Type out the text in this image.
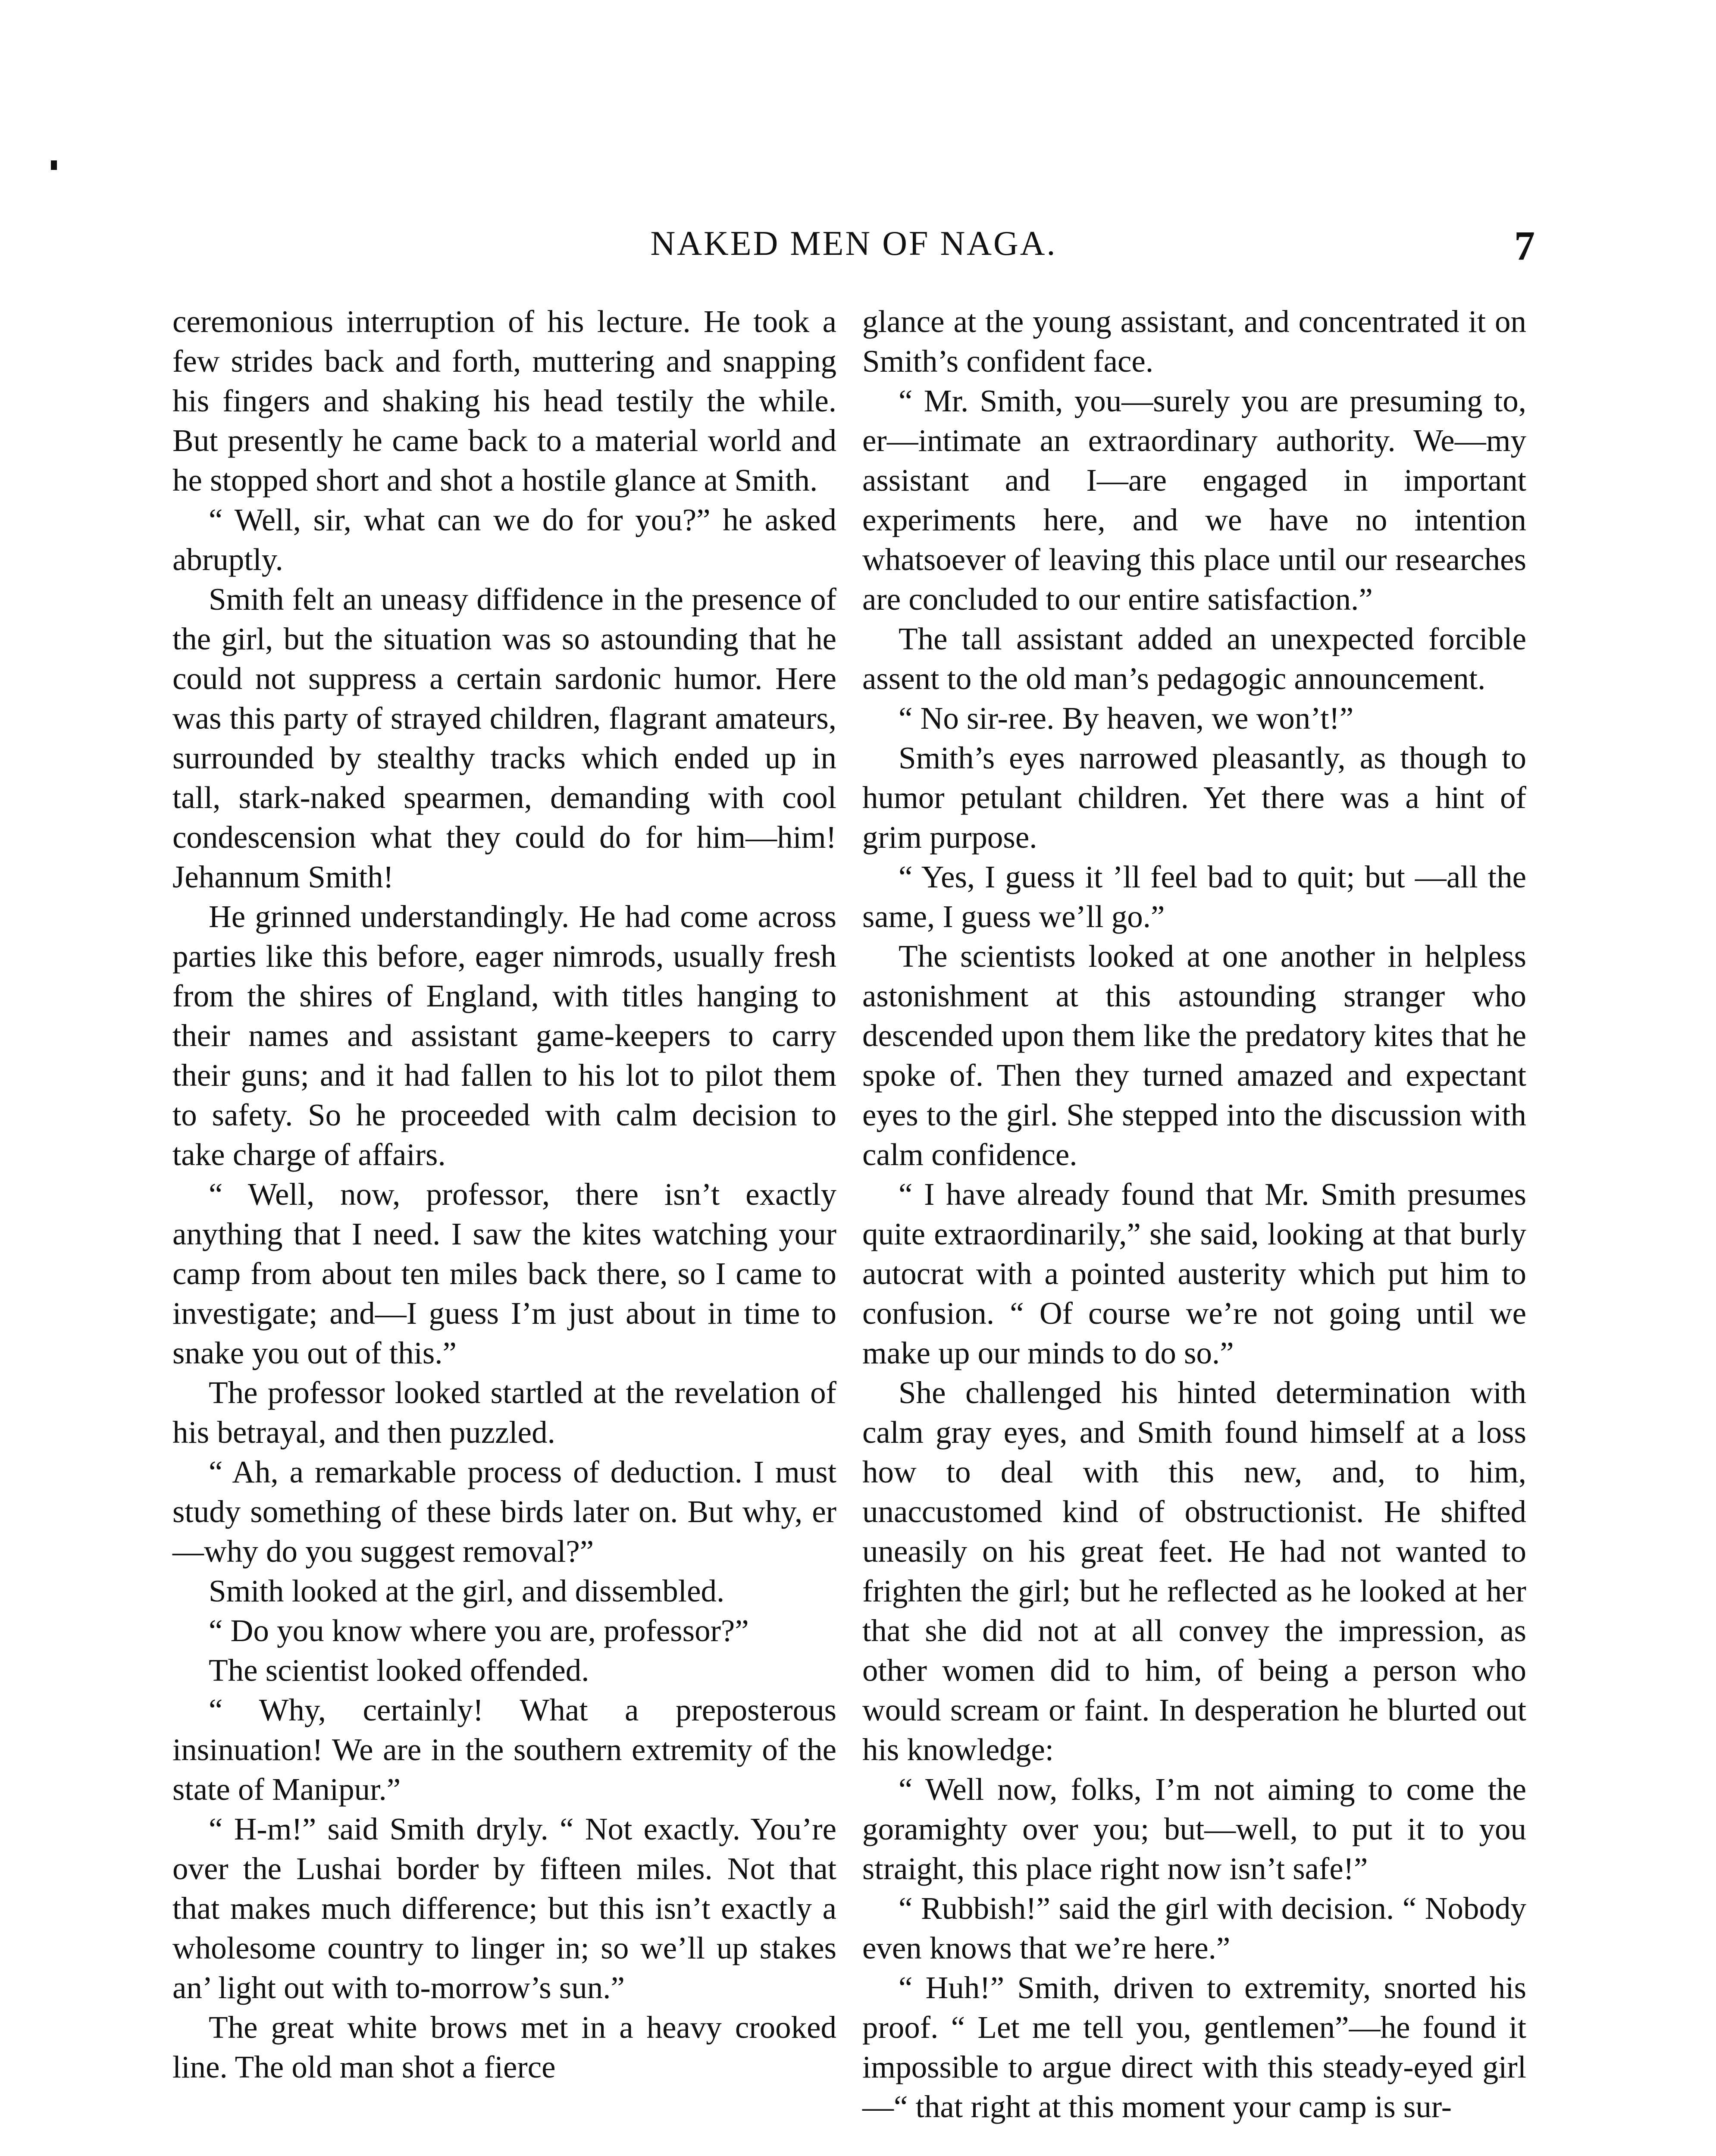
NAKED MEN OF NAGA.	7

ceremonious interruption of his lecture. He took a few strides back and forth, muttering and snapping his fingers and shaking his head testily the while. But presently he came back to a material world and he stopped short and shot a hostile glance at Smith.

“ Well, sir, what can we do for you?” he asked abruptly.

Smith felt an uneasy diffidence in the presence of the girl, but the situation was so astounding that he could not suppress a certain sardonic humor. Here was this party of strayed children, flagrant amateurs, surrounded by stealthy tracks which ended up in tall, stark-naked spearmen, demanding with cool condescension what they could do for him—him! Jehannum Smith!

He grinned understandingly. He had come across parties like this before, eager nimrods, usually fresh from the shires of England, with titles hanging to their names and assistant game-keepers to carry their guns; and it had fallen to his lot to pilot them to safety. So he proceeded with calm decision to take charge of affairs.

“ Well, now, professor, there isn’t exactly anything that I need. I saw the kites watching your camp from about ten miles back there, so I came to investigate; and—I guess I’m just about in time to snake you out of this.”

The professor looked startled at the revelation of his betrayal, and then puzzled.

“ Ah, a remarkable process of deduction. I must study something of these birds later on. But why, er—why do you suggest removal?”

Smith looked at the girl, and dissembled.

“ Do you know where you are, professor?”

The scientist looked offended.

“ Why, certainly! What a preposterous insinuation! We are in the southern extremity of the state of Manipur.”

“ H-m!” said Smith dryly. “ Not exactly. You’re over the Lushai border by fifteen miles. Not that that makes much difference; but this isn’t exactly a wholesome country to linger in; so we’ll up stakes an’ light out with to-morrow’s sun.”

The great white brows met in a heavy crooked line. The old man shot a fierce

glance at the young assistant, and concentrated it on Smith’s confident face.

“ Mr. Smith, you—surely you are presuming to, er—intimate an extraordinary authority. We—my assistant and I—are engaged in important experiments here, and we have no intention whatsoever of leaving this place until our researches are concluded to our entire satisfaction.”

The tall assistant added an unexpected forcible assent to the old man’s pedagogic announcement.

“ No sir-ree. By heaven, we won’t!”

Smith’s eyes narrowed pleasantly, as though to humor petulant children. Yet there was a hint of grim purpose.

“ Yes, I guess it ’ll feel bad to quit; but —all the same, I guess we’ll go.”

The scientists looked at one another in helpless astonishment at this astounding stranger who descended upon them like the predatory kites that he spoke of. Then they turned amazed and expectant eyes to the girl. She stepped into the discussion with calm confidence.

“ I have already found that Mr. Smith presumes quite extraordinarily,” she said, looking at that burly autocrat with a pointed austerity which put him to confusion. “ Of course we’re not going until we make up our minds to do so.”

She challenged his hinted determination with calm gray eyes, and Smith found himself at a loss how to deal with this new, and, to him, unaccustomed kind of obstructionist. He shifted uneasily on his great feet. He had not wanted to frighten the girl; but he reflected as he looked at her that she did not at all convey the impression, as other women did to him, of being a person who would scream or faint. In desperation he blurted out his knowledge:

“ Well now, folks, I’m not aiming to come the goramighty over you; but—well, to put it to you straight, this place right now isn’t safe!”

“ Rubbish!” said the girl with decision. “ Nobody even knows that we’re here.”

“ Huh!” Smith, driven to extremity, snorted his proof. “ Let me tell you, gentlemen”—he found it impossible to argue direct with this steady-eyed girl—“ that right at this moment your camp is sur-
